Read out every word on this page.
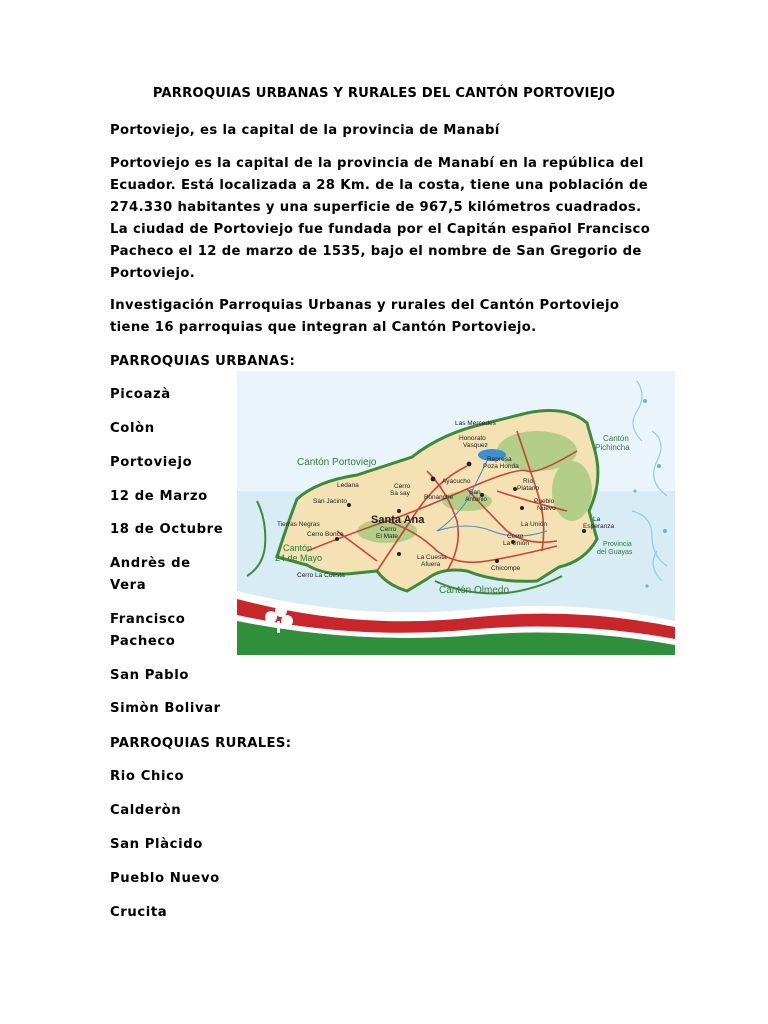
PARROQUIAS URBANAS Y RURALES DEL CANTÓN PORTOVIEJO

Portoviejo, es la capital de la provincia de Manabí

Portoviejo es la capital de la provincia de Manabí en la república del
Ecuador. Está localizada a 28 Km. de la costa, tiene una población de
274.330 habitantes y una superficie de 967,5 kilómetros cuadrados.
La ciudad de Portoviejo fue fundada por el Capitán español Francisco
Pacheco el 12 de marzo de 1535, bajo el nombre de San Gregorio de
Portoviejo.
Investigación Parroquias Urbanas y rurales del Cantón Portoviejo
tiene 16 parroquias que integran al Cantón Portoviejo.
PARROQUIAS URBANAS:
Picoazà
Colòn
Portoviejo
12 de Marzo
18 de Octubre
Andrès de
Vera
Francisco
Pacheco
San Pablo
Simòn Bolivar
PARROQUIAS RURALES:
Rio Chico
Calderòn
San Plàcido
Pueblo Nuevo
Crucita
Cantón Portoviejo
Cantón 24 de Mayo
Cantón Olmedo
Cantón Pichincha
Provincia del Guayas
Santa Ana
Las Mercedes
Honorato Vasquez
Represa Poza Honda
Ayacucho
Ledana	Cerro Sa say
Bonanche
San Antonio
Río Plátano
Pueblo Nuevo
San Jacinto
Tierras Negras
Cerro Bonce
Cerro El Mate	Cerro La Unión
La Unión
La Esperanza
La Cuesta Afuera
Cerro La Cuesta
Chicompe
